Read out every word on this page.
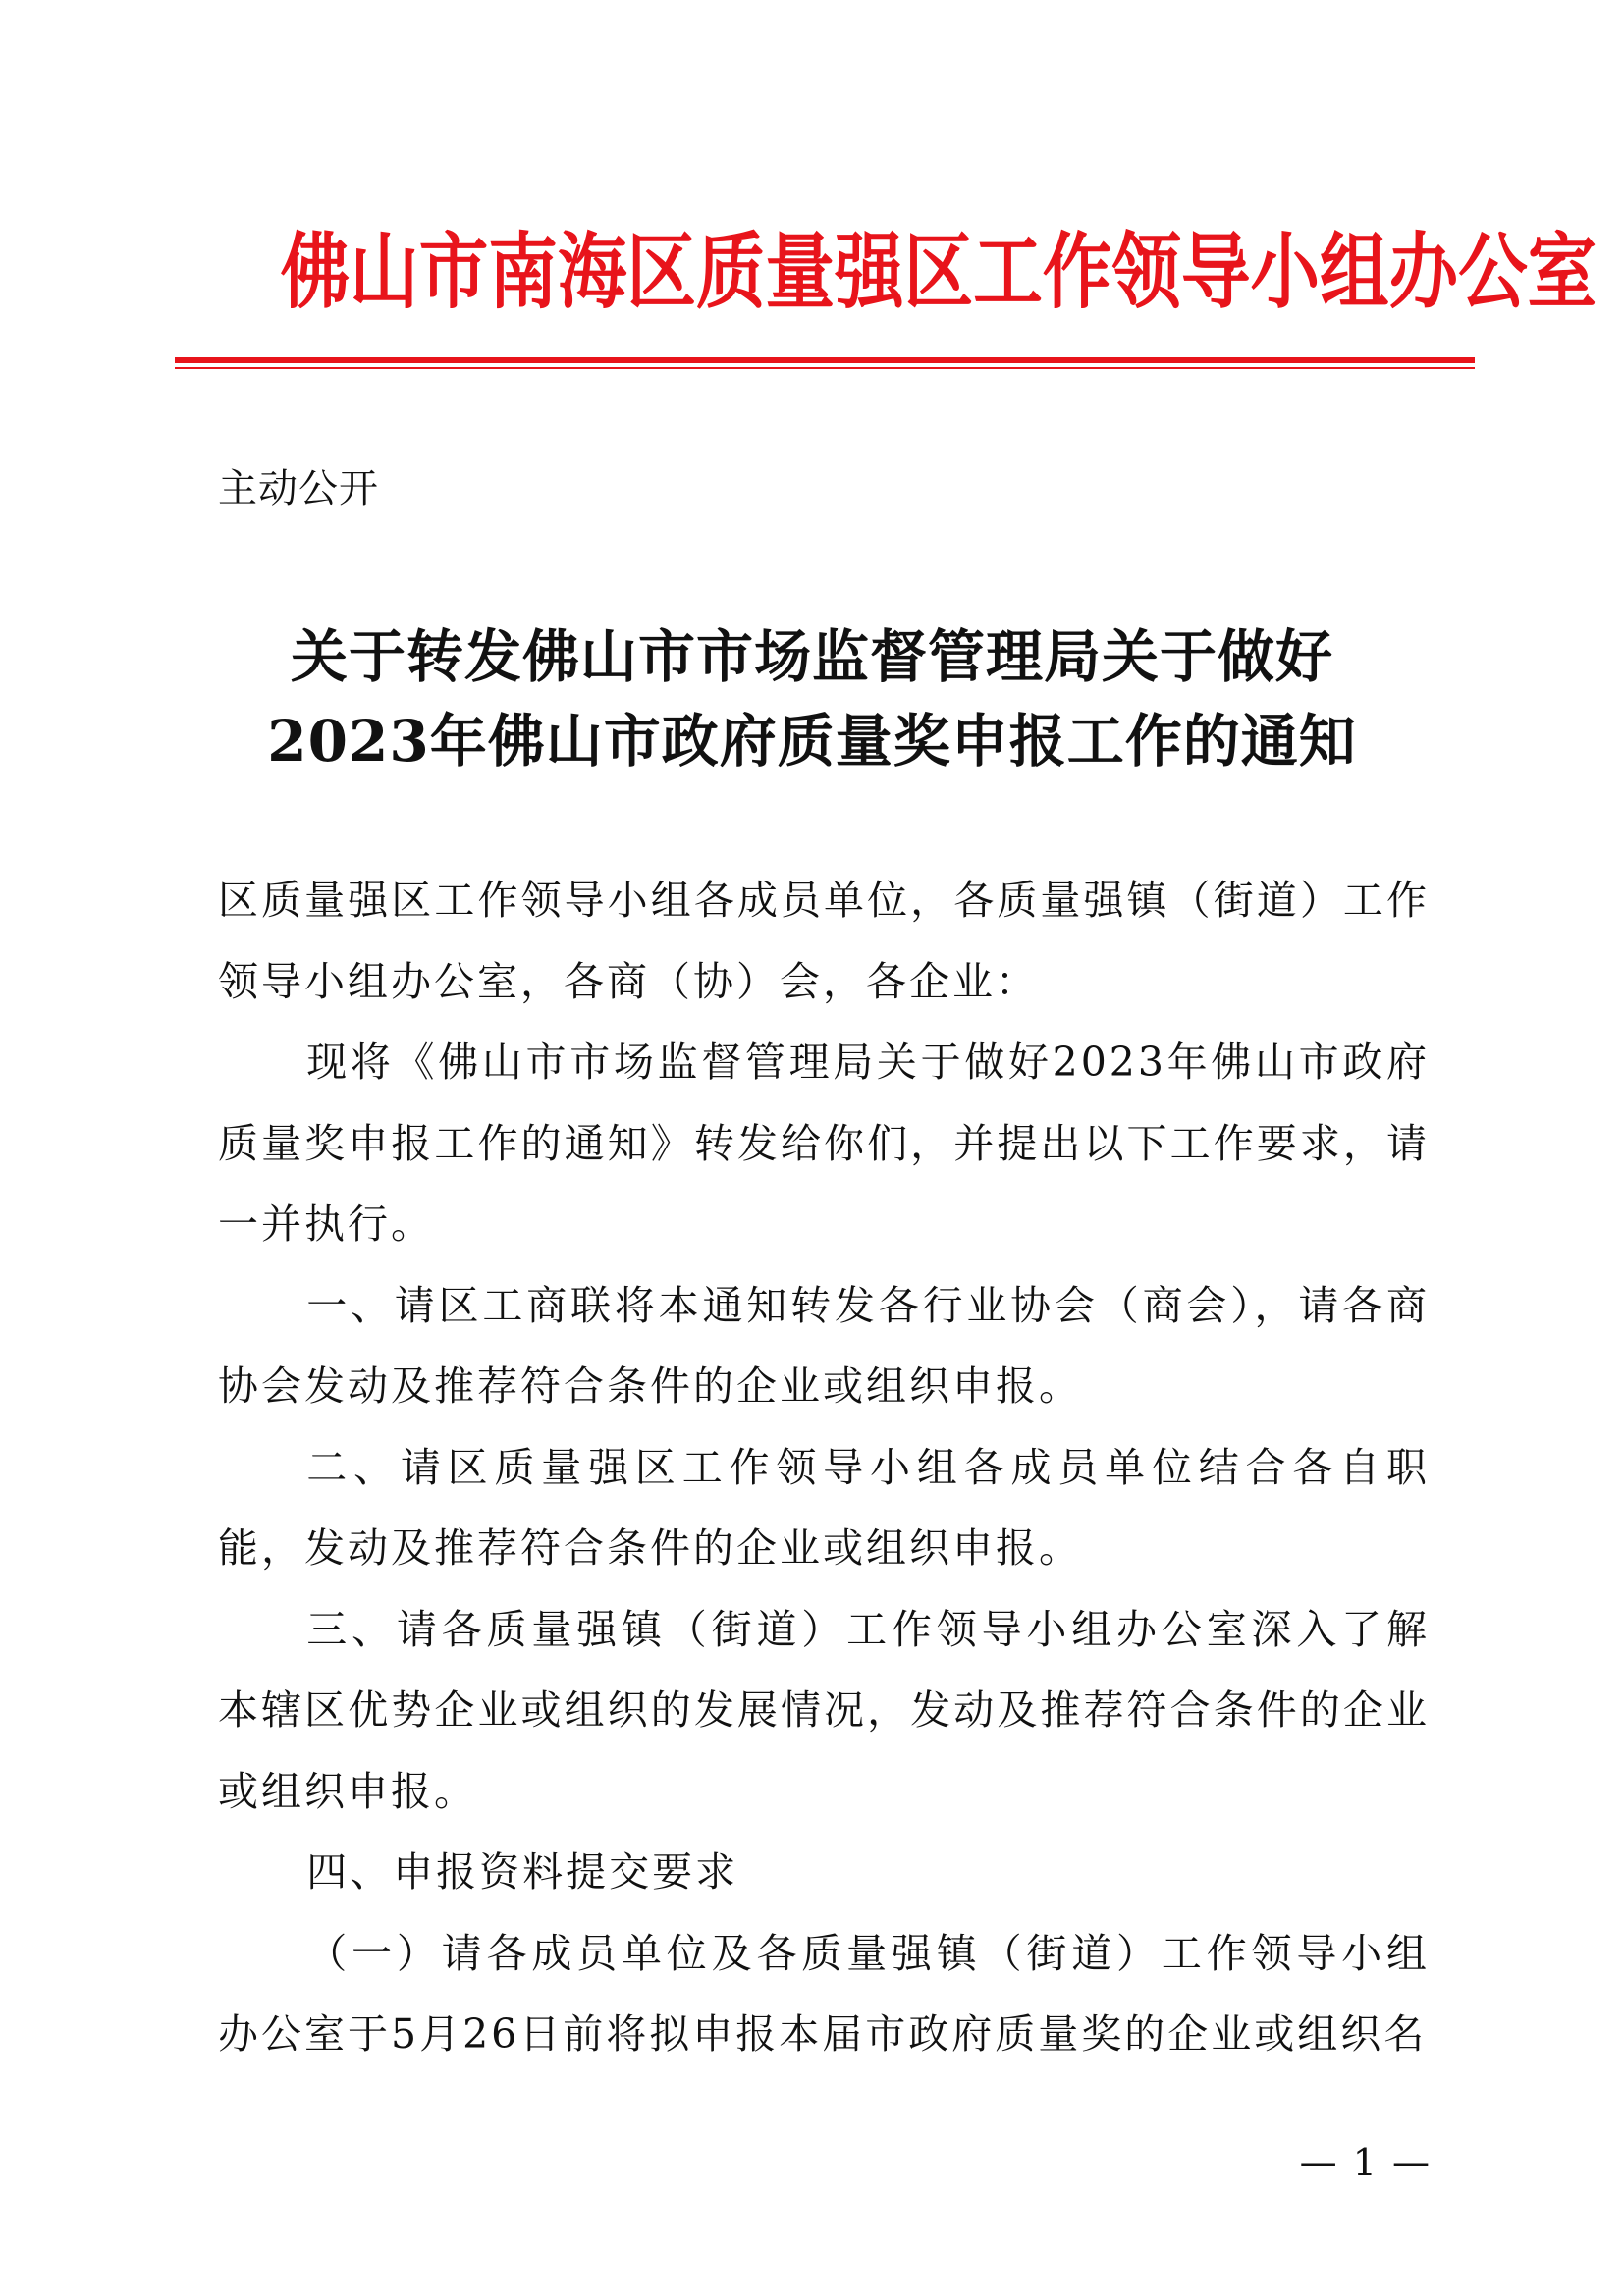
佛山市南海区质量强区工作领导小组办公室
主动公开
关于转发佛山市市场监督管理局关于做好
2023年佛山市政府质量奖申报工作的通知

区质量强区工作领导小组各成员单位，各质量强镇（街道）工作领导小组办公室，各商（协）会，各企业：

现将《佛山市市场监督管理局关于做好2023年佛山市政府质量奖申报工作的通知》转发给你们，并提出以下工作要求，请一并执行。

一、请区工商联将本通知转发各行业协会（商会），请各商协会发动及推荐符合条件的企业或组织申报。

二、请区质量强区工作领导小组各成员单位结合各自职能，发动及推荐符合条件的企业或组织申报。

三、请各质量强镇（街道）工作领导小组办公室深入了解本辖区优势企业或组织的发展情况，发动及推荐符合条件的企业或组织申报。

四、申报资料提交要求

（一）请各成员单位及各质量强镇（街道）工作领导小组办公室于5月26日前将拟申报本届市政府质量奖的企业或组织名

— 1 —
